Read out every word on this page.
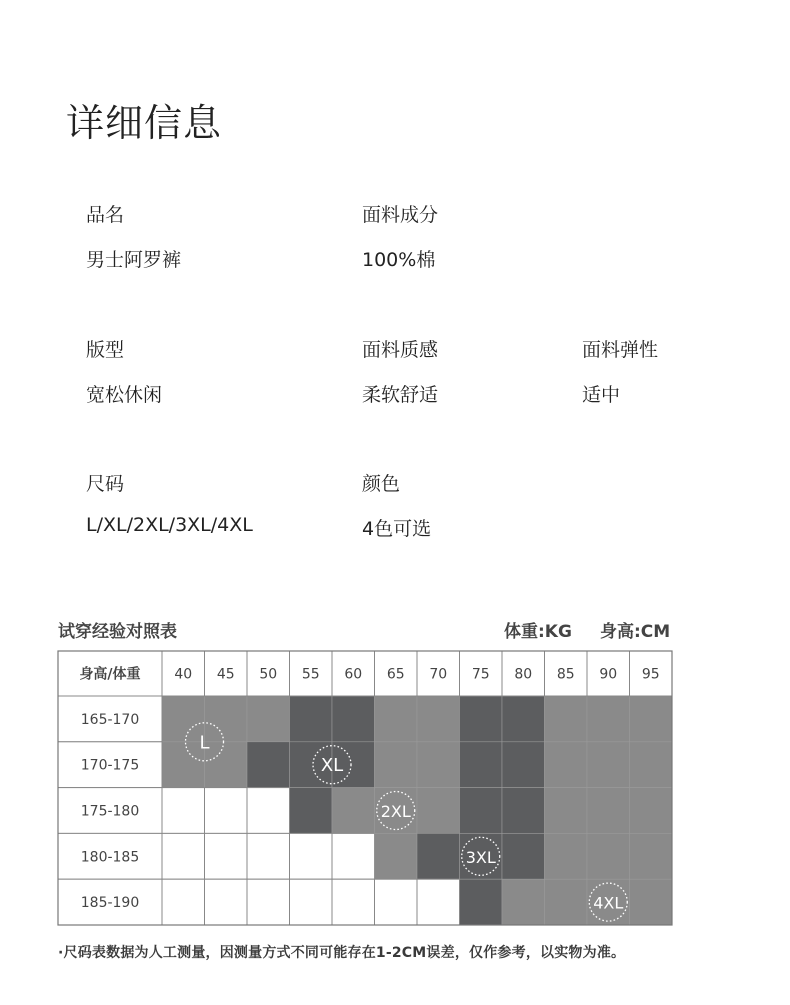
详细信息
品名
男士阿罗裤
面料成分
100%棉
版型
宽松休闲
面料质感
柔软舒适
面料弹性
适中
尺码
L/XL/2XL/3XL/4XL
颜色
4色可选
试穿经验对照表	体重:KG 身高:CM
身高/体重 40 45 50 55 60 65 70 75 80 85 90 95
165-170
170-175
175-180
180-185
185-190
L
XL
2XL
3XL
4XL
·尺码表数据为人工测量，因测量方式不同可能存在1-2CM误差，仅作参考，以实物为准。
